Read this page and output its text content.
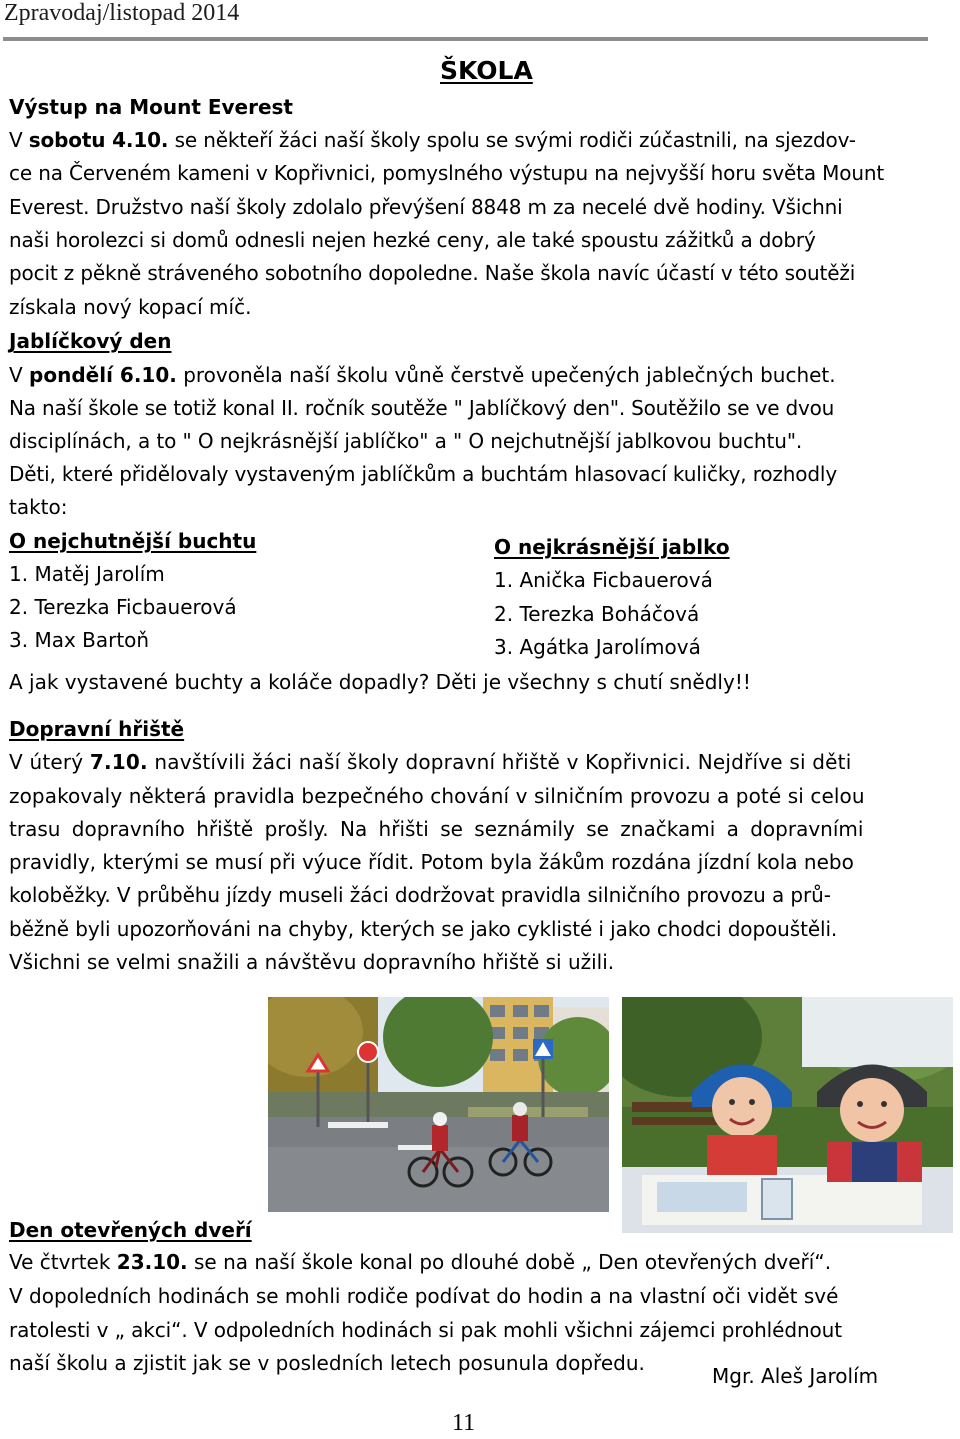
Zpravodaj/listopad 2014
ŠKOLA
Výstup na Mount Everest
V sobotu 4.10. se někteří žáci naší školy spolu se svými rodiči zúčastnili, na sjezdov-
ce na Červeném kameni v Kopřivnici, pomyslného výstupu na nejvyšší horu světa Mount
Everest. Družstvo naší školy zdolalo převýšení 8848 m za necelé dvě hodiny. Všichni
naši horolezci si domů odnesli nejen hezké ceny, ale také spoustu zážitků a dobrý
pocit z pěkně stráveného sobotního dopoledne. Naše škola navíc účastí v této soutěži
získala nový kopací míč.
Jablíčkový den
V pondělí 6.10. provoněla naší školu vůně čerstvě upečených jablečných buchet.
Na naší škole se totiž konal II. ročník soutěže " Jablíčkový den". Soutěžilo se ve dvou
disciplínách, a to " O nejkrásnější jablíčko" a " O nejchutnější jablkovou buchtu".
Děti, které přidělovaly vystaveným jablíčkům a buchtám hlasovací kuličky, rozhodly
takto:
O nejchutnější buchtu
1. Matěj Jarolím
2. Terezka Ficbauerová
3. Max Bartoň
O nejkrásnější jablko
1. Anička Ficbauerová
2. Terezka Boháčová
3. Agátka Jarolímová
A jak vystavené buchty a koláče dopadly? Děti je všechny s chutí snědly!!
Dopravní hřiště
V úterý 7.10. navštívili žáci naší školy dopravní hřiště v Kopřivnici. Nejdříve si děti
zopakovaly některá pravidla bezpečného chování v silničním provozu a poté si celou
trasu dopravního hřiště prošly. Na hřišti se seznámily se značkami a dopravními
pravidly, kterými se musí při výuce řídit. Potom byla žákům rozdána jízdní kola nebo
koloběžky. V průběhu jízdy museli žáci dodržovat pravidla silničního provozu a prů-
běžně byli upozorňováni na chyby, kterých se jako cyklisté i jako chodci dopouštěli.
Všichni se velmi snažili a návštěvu dopravního hřiště si užili.
Den otevřených dveří
Ve čtvrtek 23.10. se na naší škole konal po dlouhé době „ Den otevřených dveří“.
V dopoledních hodinách se mohli rodiče podívat do hodin a na vlastní oči vidět své
ratolesti v „ akci“. V odpoledních hodinách si pak mohli všichni zájemci prohlédnout
naší školu a zjistit jak se v posledních letech posunula dopředu.
Mgr. Aleš Jarolím
11
